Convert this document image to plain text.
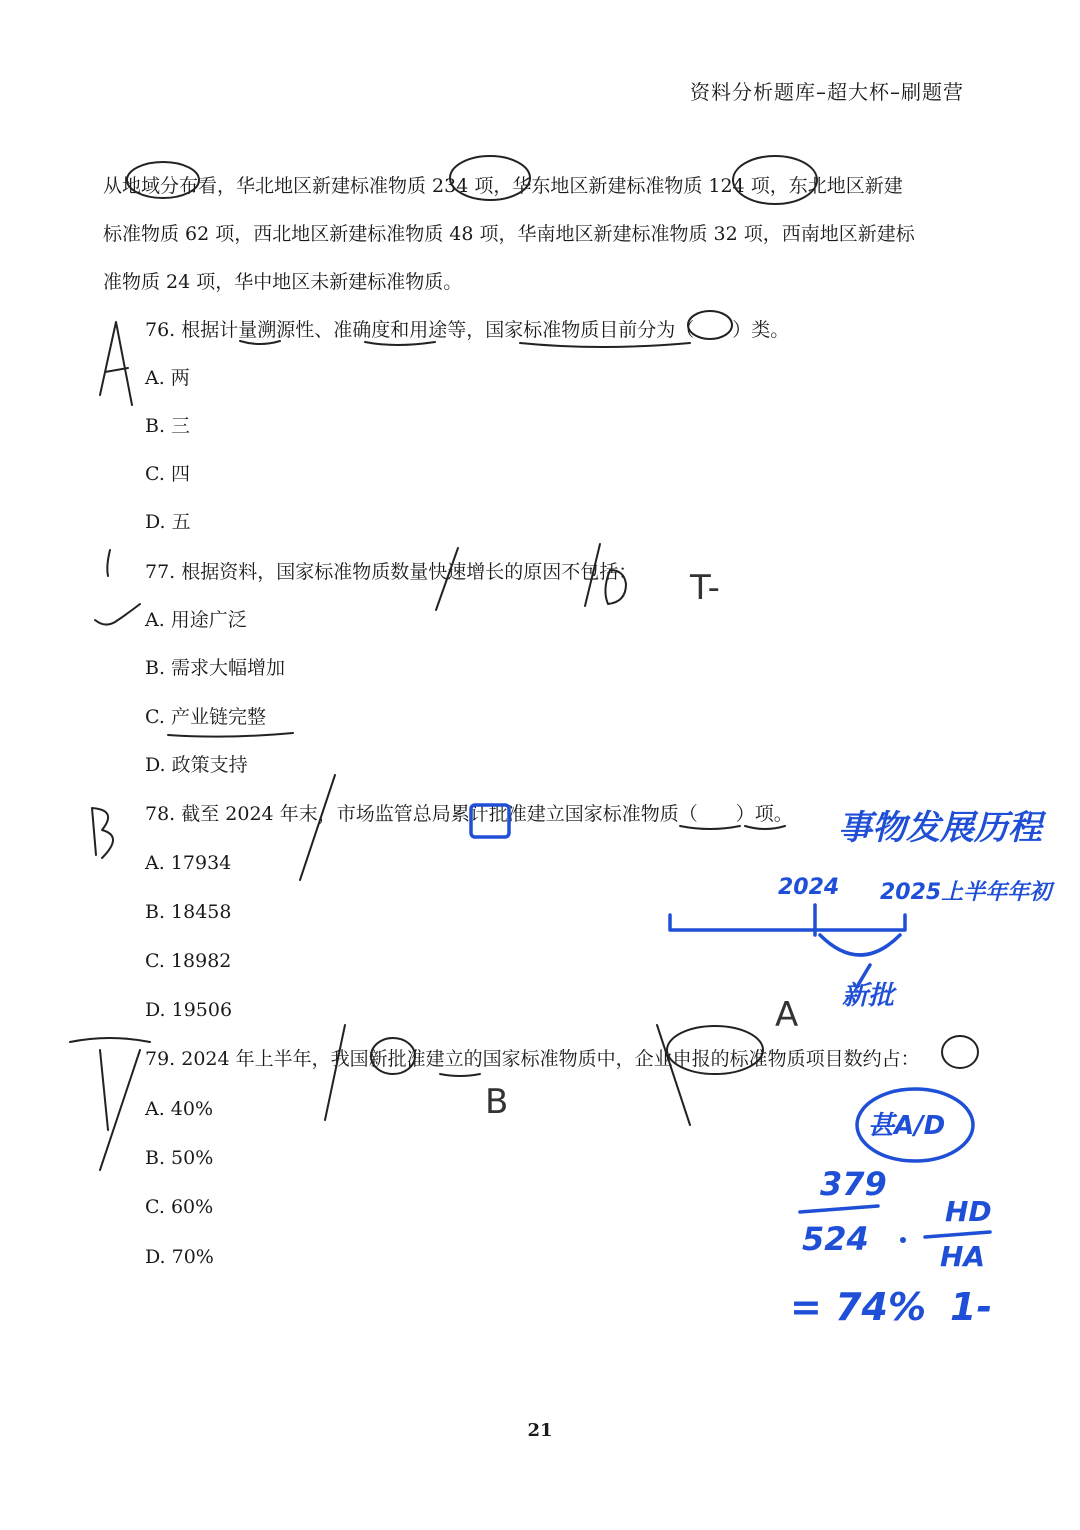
资料分析题库–超大杯–刷题营
从地域分布看，华北地区新建标准物质 234 项，华东地区新建标准物质 124 项，东北地区新建
标准物质 62 项，西北地区新建标准物质 48 项，华南地区新建标准物质 32 项，西南地区新建标
准物质 24 项，华中地区未新建标准物质。
76. 根据计量溯源性、准确度和用途等，国家标准物质目前分为（　　）类。
A. 两
B. 三
C. 四
D. 五
77. 根据资料，国家标准物质数量快速增长的原因不包括：
A. 用途广泛
B. 需求大幅增加
C. 产业链完整
D. 政策支持
78. 截至 2024 年末，市场监管总局累计批准建立国家标准物质（　　）项。
A. 17934
B. 18458
C. 18982
D. 19506
79. 2024 年上半年，我国新批准建立的国家标准物质中，企业申报的标准物质项目数约占：
A. 40%
B. 50%
C. 60%
D. 70%
21
T-
事物发展历程
2024 2025上半年年初
新批
A
B
甚A/D
379
524
HD
HA
= 74% 1-
